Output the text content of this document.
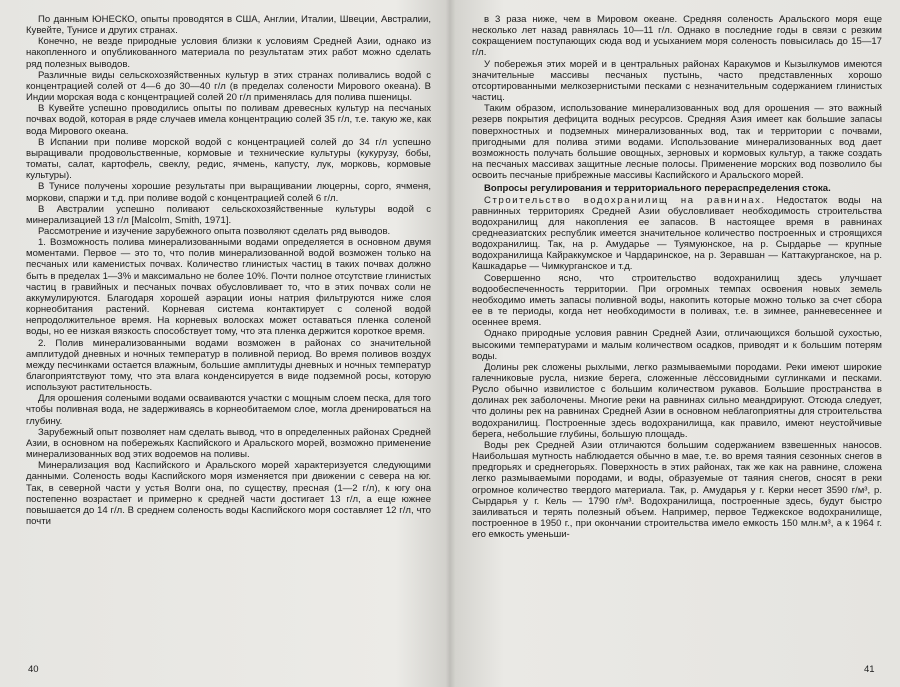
По данным ЮНЕСКО, опыты проводятся в США, Англии, Италии, Швеции, Австралии, Кувейте, Тунисе и других странах.

Конечно, не везде природные условия близки к условиям Средней Азии, однако из накопленного и опубликованного материала по результатам этих работ можно сделать ряд полезных выводов.

Различные виды сельскохозяйственных культур в этих странах поливались водой с концентрацией солей от 4—6 до 30—40 г/л (в пределах солености Мирового океана). В Индии морская вода с концентрацией солей 20 г/л применялась для полива пшеницы.

В Кувейте успешно проводились опыты по поливам древесных культур на песчаных почвах водой, которая в ряде случаев имела концентрацию солей 35 г/л, т.е. такую же, как вода Мирового океана.

В Испании при поливе морской водой с концентрацией солей до 34 г/л успешно выращивали продовольственные, кормовые и технические культуры (кукурузу, бобы, томаты, салат, картофель, свеклу, редис, ячмень, капусту, лук, морковь, кормовые культуры).

В Тунисе получены хорошие результаты при выращивании люцерны, сорго, ячменя, моркови, спаржи и т.д. при поливе водой с концентрацией солей 6 г/л.

В Австралии успешно поливают сельскохозяйственные культуры водой с минерализацией 13 г/л [Malcolm, Smith, 1971].

Рассмотрение и изучение зарубежного опыта позволяют сделать ряд выводов.

1. Возможность полива минерализованными водами определяется в основном двумя моментами. Первое — это то, что полив минерализованной водой возможен только на песчаных или каменистых почвах. Количество глинистых частиц в таких почвах должно быть в пределах 1—3% и максимально не более 10%. Почти полное отсутствие глинистых частиц в гравийных и песчаных почвах обусловливает то, что в этих почвах соли не аккумулируются. Благодаря хорошей аэрации ионы натрия фильтруются ниже слоя корнеобитания растений. Корневая система контактирует с соленой водой непродолжительное время. На корневых волосках может оставаться пленка соленой воды, но ее низкая вязкость способствует тому, что эта пленка держится короткое время.

2. Полив минерализованными водами возможен в районах со значительной амплитудой дневных и ночных температур в поливной период. Во время поливов воздух между песчинками остается влажным, большие амплитуды дневных и ночных температур благоприятствуют тому, что эта влага конденсируется в виде подземной росы, которую используют растительность.

Для орошения солеными водами осваиваются участки с мощным слоем песка, для того чтобы поливная вода, не задерживаясь в корнеобитаемом слое, могла дренироваться на глубину.

Зарубежный опыт позволяет нам сделать вывод, что в определенных районах Средней Азии, в основном на побережьях Каспийского и Аральского морей, возможно применение минерализованных вод этих водоемов на поливы.

Минерализация вод Каспийского и Аральского морей характеризуется следующими данными. Соленость воды Каспийского моря изменяется при движении с севера на юг. Так, в северной части у устья Волги она, по существу, пресная (1—2 г/л), к югу она постепенно возрастает и примерно к средней части достигает 13 г/л, а еще южнее повышается до 14 г/л. В среднем соленость воды Каспийского моря составляет 12 г/л, что почти

40

в 3 раза ниже, чем в Мировом океане. Средняя соленость Аральского моря еще несколько лет назад равнялась 10—11 г/л. Однако в последние годы в связи с резким сокращением поступающих сюда вод и усыханием моря соленость повысилась до 15—17 г/л.

У побережья этих морей и в центральных районах Каракумов и Кызылкумов имеются значительные массивы песчаных пустынь, часто представленных хорошо отсортированными мелкозернистыми песками с незначительным содержанием глинистых частиц.

Таким образом, использование минерализованных вод для орошения — это важный резерв покрытия дефицита водных ресурсов. Средняя Азия имеет как большие запасы поверхностных и подземных минерализованных вод, так и территории с почвами, пригодными для полива этими водами. Использование минерализованных вод дает возможность получать большие овощных, зерновых и кормовых культур, а также создать на песчаных массивах защитные лесные полосы. Применение морских вод позволило бы освоить песчаные прибрежные массивы Каспийского и Аральского морей.

Вопросы регулирования и территориального перераспределения стока.

Строительство водохранилищ на равнинах. Недостаток воды на равнинных территориях Средней Азии обусловливает необходимость строительства водохранилищ для накопления ее запасов. В настоящее время в равнинах среднеазиатских республик имеется значительное количество построенных и строящихся водохранилищ. Так, на р. Амударье — Туямуюнское, на р. Сырдарье — крупные водохранилища Кайраккумское и Чардаринское, на р. Зеравшан — Каттакурганское, на р. Кашкадарье — Чимкурганское и т.д.

Совершенно ясно, что строительство водохранилищ здесь улучшает водообеспеченность территории. При огромных темпах освоения новых земель необходимо иметь запасы поливной воды, накопить которые можно только за счет сбора ее в те периоды, когда нет необходимости в поливах, т.е. в зимнее, ранневесеннее и осеннее время.

Однако природные условия равнин Средней Азии, отличающихся большой сухостью, высокими температурами и малым количеством осадков, приводят и к большим потерям воды.

Долины рек сложены рыхлыми, легко размываемыми породами. Реки имеют широкие галечниковые русла, низкие берега, сложенные лёссовидными суглинками и песками. Русло обычно извилистое с большим количеством рукавов. Большие пространства в долинах рек заболочены. Многие реки на равнинах сильно меандрируют. Отсюда следует, что долины рек на равнинах Средней Азии в основном неблагоприятны для строительства водохранилищ. Построенные здесь водохранилища, как правило, имеют неустойчивые берега, небольшие глубины, большую площадь.

Воды рек Средней Азии отличаются большим содержанием взвешенных наносов. Наибольшая мутность наблюдается обычно в мае, т.е. во время таяния сезонных снегов в предгорьях и среднегорьях. Поверхность в этих районах, так же как на равнине, сложена легко размываемыми породами, и воды, образуемые от таяния снегов, сносят в реки огромное количество твердого материала. Так, р. Амударья у г. Керки несет 3590 г/м³, р. Сырдарья у г. Кель — 1790 г/м³. Водохранилища, построенные здесь, будут быстро заиливаться и терять полезный объем. Например, первое Теджекское водохранилище, построенное в 1950 г., при окончании строительства имело емкость 150 млн.м³, а к 1964 г. его емкость уменьши-

41
